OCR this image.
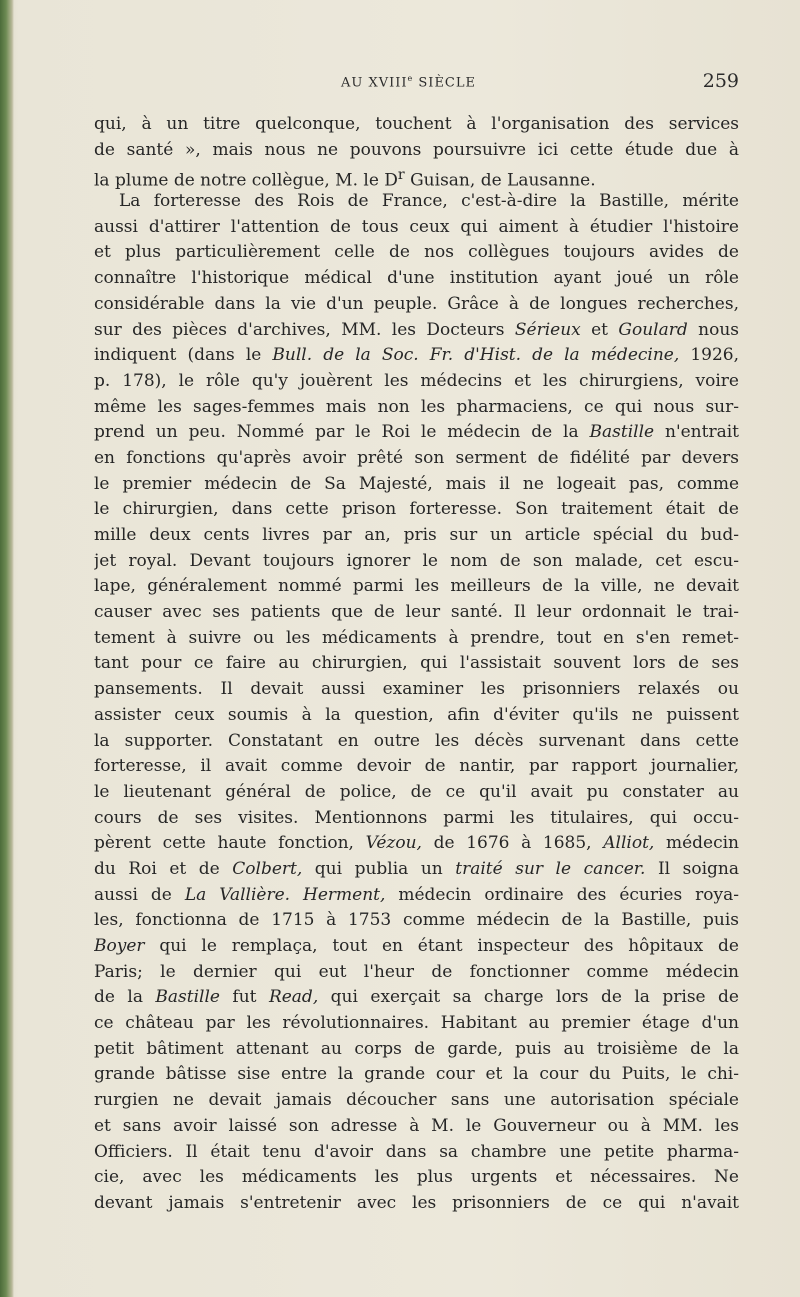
AU XVIIIe SIÈCLE	259
qui, à un titre quelconque, touchent à l'organisation des services
de santé », mais nous ne pouvons poursuivre ici cette étude due à
la plume de notre collègue, M. le $D^r$ Guisan, de Lausanne.
La forteresse des Rois de France, c'est-à-dire la Bastille, mérite
aussi d'attirer l'attention de tous ceux qui aiment à étudier l'histoire
et plus particulièrement celle de nos collègues toujours avides de
connaître l'historique médical d'une institution ayant joué un rôle
considérable dans la vie d'un peuple. Grâce à de longues recherches,
sur des pièces d'archives, MM. les Docteurs Sérieux et Goulard nous
indiquent (dans le Bull. de la Soc. Fr. d'Hist. de la médecine, 1926,
p. 178), le rôle qu'y jouèrent les médecins et les chirurgiens, voire
même les sages-femmes mais non les pharmaciens, ce qui nous sur-
prend un peu. Nommé par le Roi le médecin de la Bastille n'entrait
en fonctions qu'après avoir prêté son serment de fidélité par devers
le premier médecin de Sa Majesté, mais il ne logeait pas, comme
le chirurgien, dans cette prison forteresse. Son traitement était de
mille deux cents livres par an, pris sur un article spécial du bud-
jet royal. Devant toujours ignorer le nom de son malade, cet escu-
lape, généralement nommé parmi les meilleurs de la ville, ne devait
causer avec ses patients que de leur santé. Il leur ordonnait le trai-
tement à suivre ou les médicaments à prendre, tout en s'en remet-
tant pour ce faire au chirurgien, qui l'assistait souvent lors de ses
pansements. Il devait aussi examiner les prisonniers relaxés ou
assister ceux soumis à la question, afin d'éviter qu'ils ne puissent
la supporter. Constatant en outre les décès survenant dans cette
forteresse, il avait comme devoir de nantir, par rapport journalier,
le lieutenant général de police, de ce qu'il avait pu constater au
cours de ses visites. Mentionnons parmi les titulaires, qui occu-
pèrent cette haute fonction, Vézou, de 1676 à 1685, Alliot, médecin
du Roi et de Colbert, qui publia un traité sur le cancer. Il soigna
aussi de La Vallière. Herment, médecin ordinaire des écuries roya-
les, fonctionna de 1715 à 1753 comme médecin de la Bastille, puis
Boyer qui le remplaça, tout en étant inspecteur des hôpitaux de
Paris; le dernier qui eut l'heur de fonctionner comme médecin
de la Bastille fut Read, qui exerçait sa charge lors de la prise de
ce château par les révolutionnaires. Habitant au premier étage d'un
petit bâtiment attenant au corps de garde, puis au troisième de la
grande bâtisse sise entre la grande cour et la cour du Puits, le chi-
rurgien ne devait jamais découcher sans une autorisation spéciale
et sans avoir laissé son adresse à M. le Gouverneur ou à MM. les
Officiers. Il était tenu d'avoir dans sa chambre une petite pharma-
cie, avec les médicaments les plus urgents et nécessaires. Ne
devant jamais s'entretenir avec les prisonniers de ce qui n'avait
